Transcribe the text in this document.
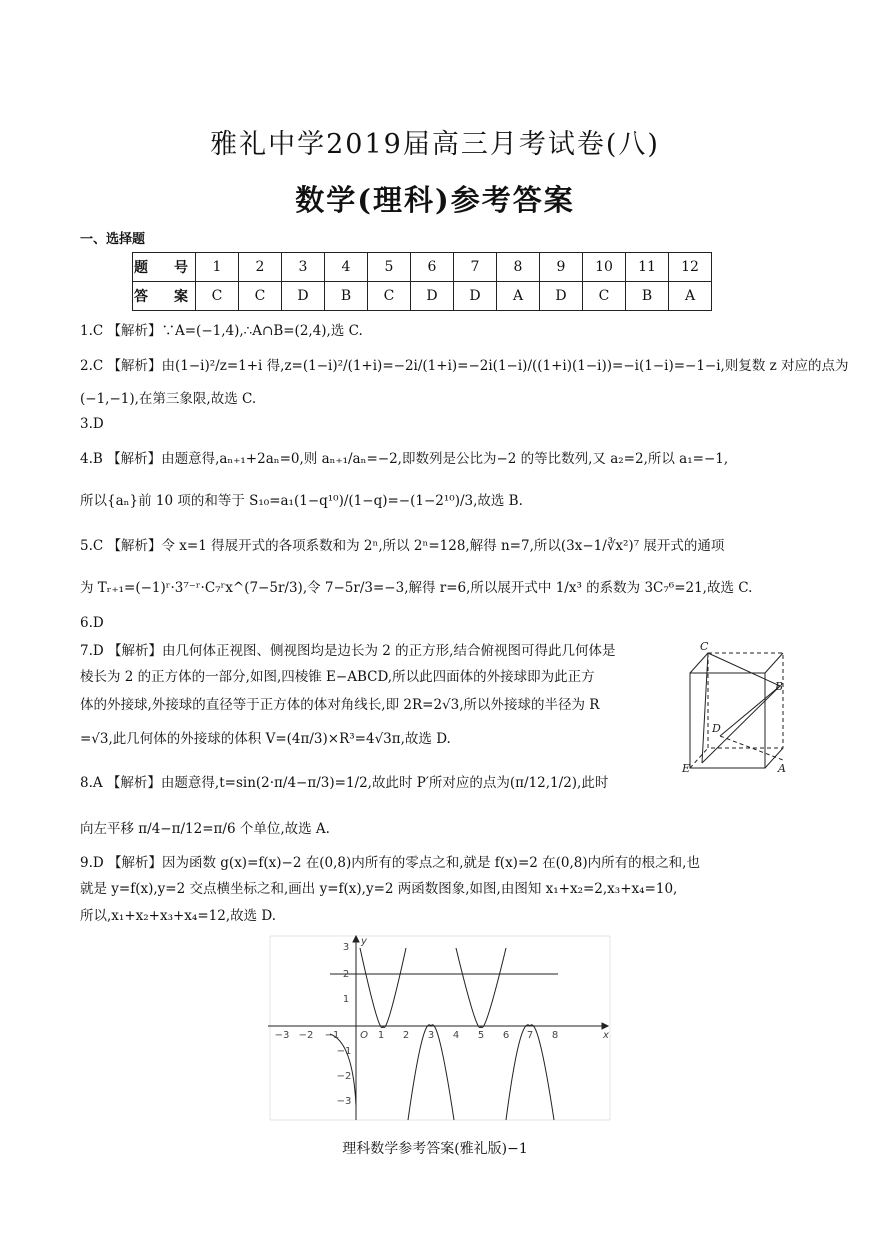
雅礼中学2019届高三月考试卷(八)
数学(理科)参考答案
一、选择题
题　号	1	2	3	4	5	6	7	8	9	10	11	12
答　案	C	C	D	B	C	D	D	A	D	C	B	A
1.C 【解析】∵A=(−1,4),∴A∩B=(2,4),选 C.
2.C 【解析】由(1−i)²/z=1+i 得,z=(1−i)²/(1+i)=−2i/(1+i)=−2i(1−i)/((1+i)(1−i))=−i(1−i)=−1−i,则复数 z 对应的点为
(−1,−1),在第三象限,故选 C.
3.D
4.B 【解析】由题意得,aₙ₊₁+2aₙ=0,则 aₙ₊₁/aₙ=−2,即数列是公比为−2 的等比数列,又 a₂=2,所以 a₁=−1,
所以{aₙ}前 10 项的和等于 S₁₀=a₁(1−q¹⁰)/(1−q)=−(1−2¹⁰)/3,故选 B.
5.C 【解析】令 x=1 得展开式的各项系数和为 2ⁿ,所以 2ⁿ=128,解得 n=7,所以(3x−1/∛x²)⁷ 展开式的通项
为 Tᵣ₊₁=(−1)ʳ·3⁷⁻ʳ·C₇ʳx^(7−5r/3),令 7−5r/3=−3,解得 r=6,所以展开式中 1/x³ 的系数为 3C₇⁶=21,故选 C.
6.D
7.D 【解析】由几何体正视图、侧视图均是边长为 2 的正方形,结合俯视图可得此几何体是
棱长为 2 的正方体的一部分,如图,四棱锥 E−ABCD,所以此四面体的外接球即为此正方
体的外接球,外接球的直径等于正方体的体对角线长,即 2R=2√3,所以外接球的半径为 R
=√3,此几何体的外接球的体积 V=(4π/3)×R³=4√3π,故选 D.
8.A 【解析】由题意得,t=sin(2·π/4−π/3)=1/2,故此时 P′所对应的点为(π/12,1/2),此时
向左平移 π/4−π/12=π/6 个单位,故选 A.
9.D 【解析】因为函数 g(x)=f(x)−2 在(0,8)内所有的零点之和,就是 f(x)=2 在(0,8)内所有的根之和,也
就是 y=f(x),y=2 交点横坐标之和,画出 y=f(x),y=2 两函数图象,如图,由图知 x₁+x₂=2,x₃+x₄=10,
所以,x₁+x₂+x₃+x₄=12,故选 D.
C
B
D
E	A
−3 −2 −1 O 1 2 3 4 5 6 7 8	x
3
2
1
−1
−2
−3
y
理科数学参考答案(雅礼版)−1
